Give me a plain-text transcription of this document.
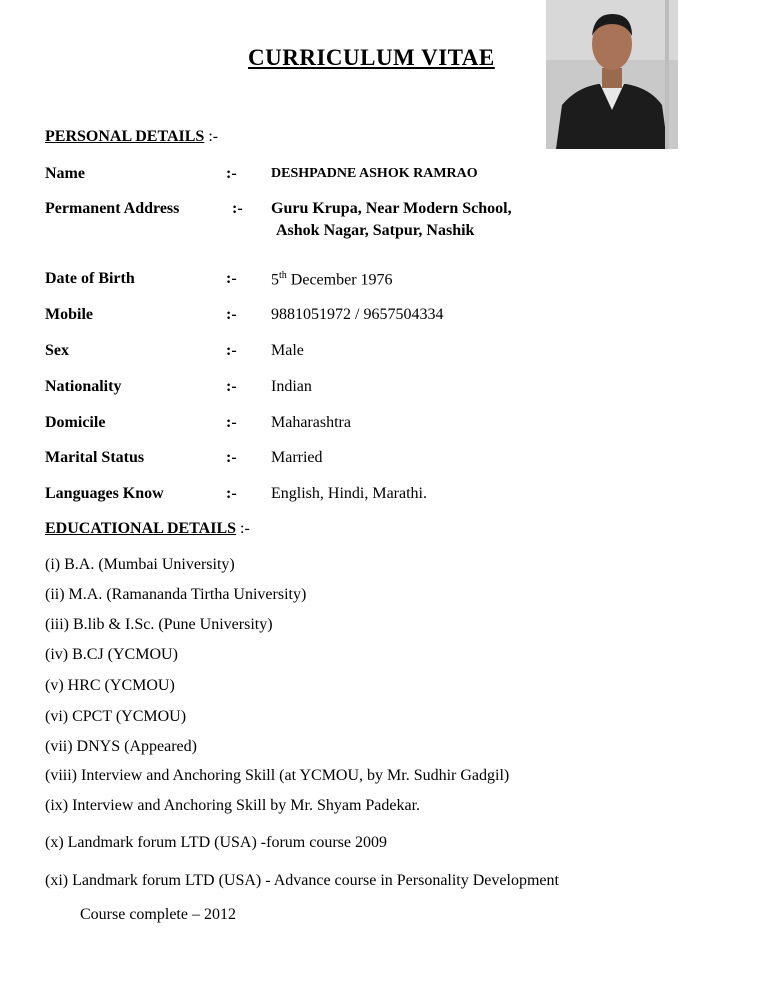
CURRICULUM VITAE
PERSONAL DETAILS :-
Name	:- DESHPADNE ASHOK RAMRAO
Permanent Address	:- Guru Krupa, Near Modern School,
Ashok Nagar, Satpur, Nashik
Date of Birth	:- 5th December 1976
Mobile	:- 9881051972 / 9657504334
Sex	:- Male
Nationality	:- Indian
Domicile	:- Maharashtra
Marital Status	:- Married
Languages Know	:- English, Hindi, Marathi.
EDUCATIONAL DETAILS :-
(i) B.A. (Mumbai University)
(ii) M.A. (Ramananda Tirtha University)
(iii) B.lib & I.Sc. (Pune University)
(iv) B.CJ (YCMOU)
(v) HRC (YCMOU)
(vi) CPCT (YCMOU)
(vii) DNYS (Appeared)
(viii) Interview and Anchoring Skill (at YCMOU, by Mr. Sudhir Gadgil)
(ix) Interview and Anchoring Skill by Mr. Shyam Padekar.
(x) Landmark forum LTD (USA) -forum course 2009
(xi) Landmark forum LTD (USA) - Advance course in Personality Development
Course complete – 2012
